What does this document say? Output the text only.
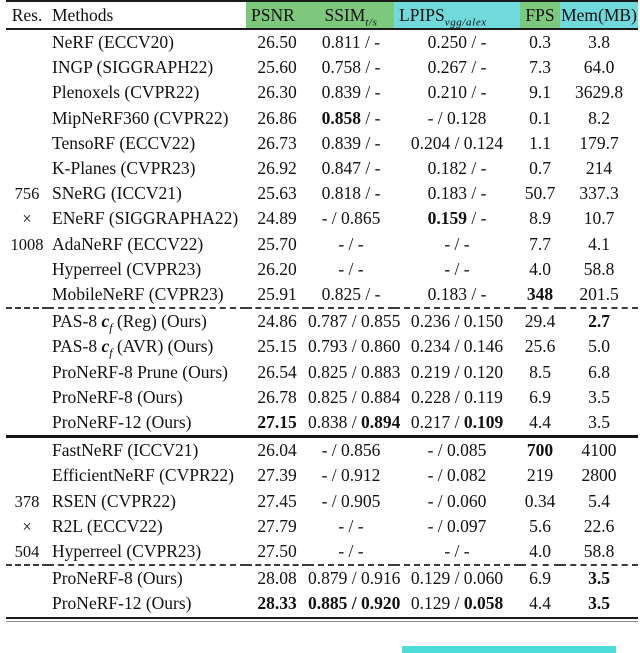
Res.	Methods	PSNR	$SSIM_{t/s}$	$LPIPS_{vgg/alex}$	FPS	Mem(MB)
	NeRF (ECCV20)	26.50	0.811 / -	0.250 / -	0.3	3.8
	INGP (SIGGRAPH22)	25.60	0.758 / -	0.267 / -	7.3	64.0
	Plenoxels (CVPR22)	26.30	0.839 / -	0.210 / -	9.1	3629.8
	MipNeRF360 (CVPR22)	26.86	0.858 / -	- / 0.128	0.1	8.2
	TensoRF (ECCV22)	26.73	0.839 / -	0.204 / 0.124	1.1	179.7
	K-Planes (CVPR23)	26.92	0.847 / -	0.182 / -	0.7	214
756	SNeRG (ICCV21)	25.63	0.818 / -	0.183 / -	50.7	337.3
×	ENeRF (SIGGRAPHA22)	24.89	- / 0.865	0.159 / -	8.9	10.7
1008	AdaNeRF (ECCV22)	25.70	- / -	- / -	7.7	4.1
	Hyperreel (CVPR23)	26.20	- / -	- / -	4.0	58.8
	MobileNeRF (CVPR23)	25.91	0.825 / -	0.183 / -	348	201.5
	PAS-8 $c_f$ (Reg) (Ours)	24.86	0.787 / 0.855	0.236 / 0.150	29.4	2.7
	PAS-8 $c_f$ (AVR) (Ours)	25.15	0.793 / 0.860	0.234 / 0.146	25.6	5.0
	ProNeRF-8 Prune (Ours)	26.54	0.825 / 0.883	0.219 / 0.120	8.5	6.8
	ProNeRF-8 (Ours)	26.78	0.825 / 0.884	0.228 / 0.119	6.9	3.5
	ProNeRF-12 (Ours)	27.15	0.838 / 0.894	0.217 / 0.109	4.4	3.5
	FastNeRF (ICCV21)	26.04	- / 0.856	- / 0.085	700	4100
	EfficientNeRF (CVPR22)	27.39	- / 0.912	- / 0.082	219	2800
378	RSEN (CVPR22)	27.45	- / 0.905	- / 0.060	0.34	5.4
×	R2L (ECCV22)	27.79	- / -	- / 0.097	5.6	22.6
504	Hyperreel (CVPR23)	27.50	- / -	- / -	4.0	58.8
	ProNeRF-8 (Ours)	28.08	0.879 / 0.916	0.129 / 0.060	6.9	3.5
	ProNeRF-12 (Ours)	28.33	0.885 / 0.920	0.129 / 0.058	4.4	3.5
